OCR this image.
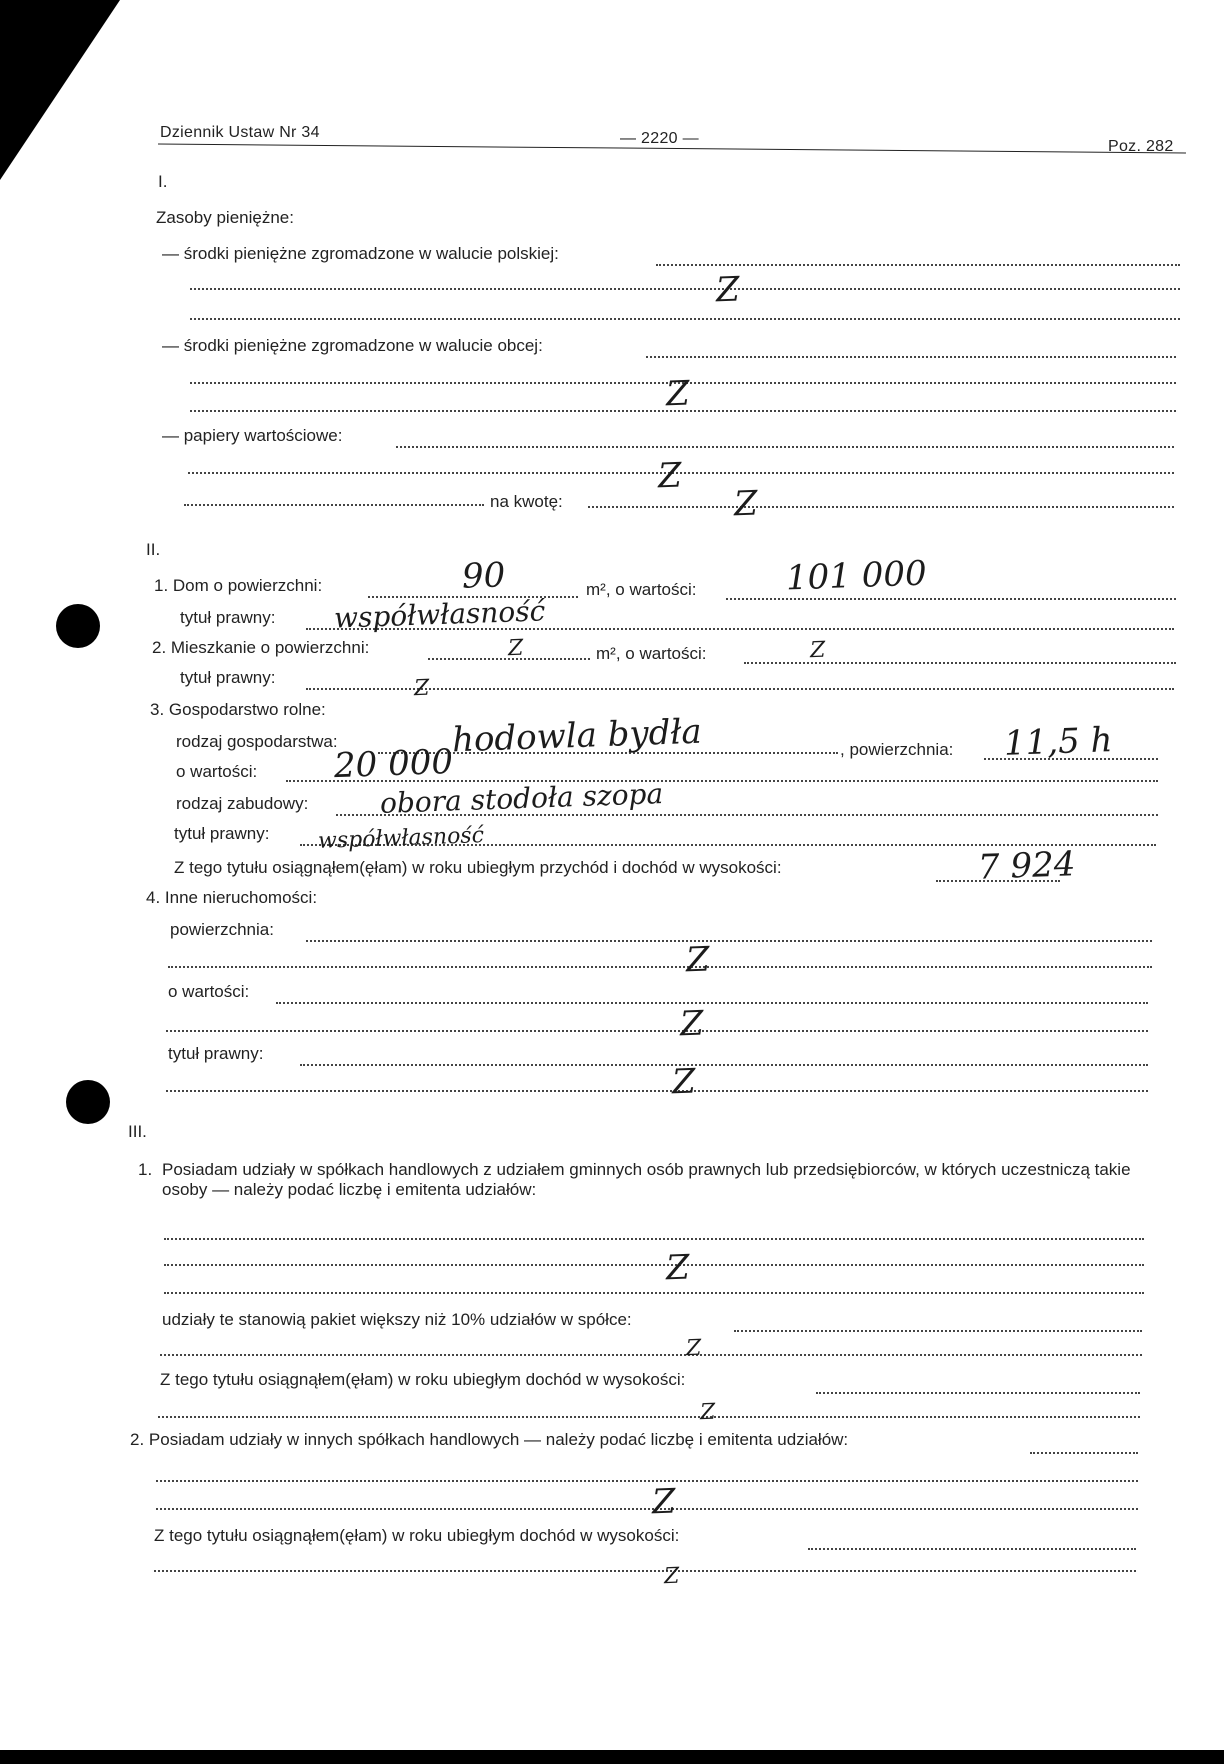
Dziennik Ustaw Nr 34	— 2220 —	Poz. 282
I.
Zasoby pieniężne:
— środki pieniężne zgromadzone w walucie polskiej:
Z
— środki pieniężne zgromadzone w walucie obcej:
Z
— papiery wartościowe:
Z
na kwotę:	Z
II.
1. Dom o powierzchni:	90	m², o wartości:	101 000
tytuł prawny: współwłasność
2. Mieszkanie o powierzchni:	Z	m², o wartości:	Z
tytuł prawny:	Z
3. Gospodarstwo rolne:
rodzaj gospodarstwa:	hodowla bydła	, powierzchnia: 11,5 h
o wartości: 20 000
rodzaj zabudowy:	obora stodoła szopa
tytuł prawny: współwłasność
Z tego tytułu osiągnąłem(ęłam) w roku ubiegłym przychód i dochód w wysokości:	7 924
4. Inne nieruchomości:
powierzchnia:
Z
o wartości:
Z
tytuł prawny:
Z
III.
1. Posiadam udziały w spółkach handlowych z udziałem gminnych osób prawnych lub przedsiębiorców, w których uczestniczą takie osoby — należy podać liczbę i emitenta udziałów:
Z
udziały te stanowią pakiet większy niż 10% udziałów w spółce:
Z
Z tego tytułu osiągnąłem(ęłam) w roku ubiegłym dochód w wysokości:
Z
2. Posiadam udziały w innych spółkach handlowych — należy podać liczbę i emitenta udziałów:
Z
Z tego tytułu osiągnąłem(ęłam) w roku ubiegłym dochód w wysokości:
Z
